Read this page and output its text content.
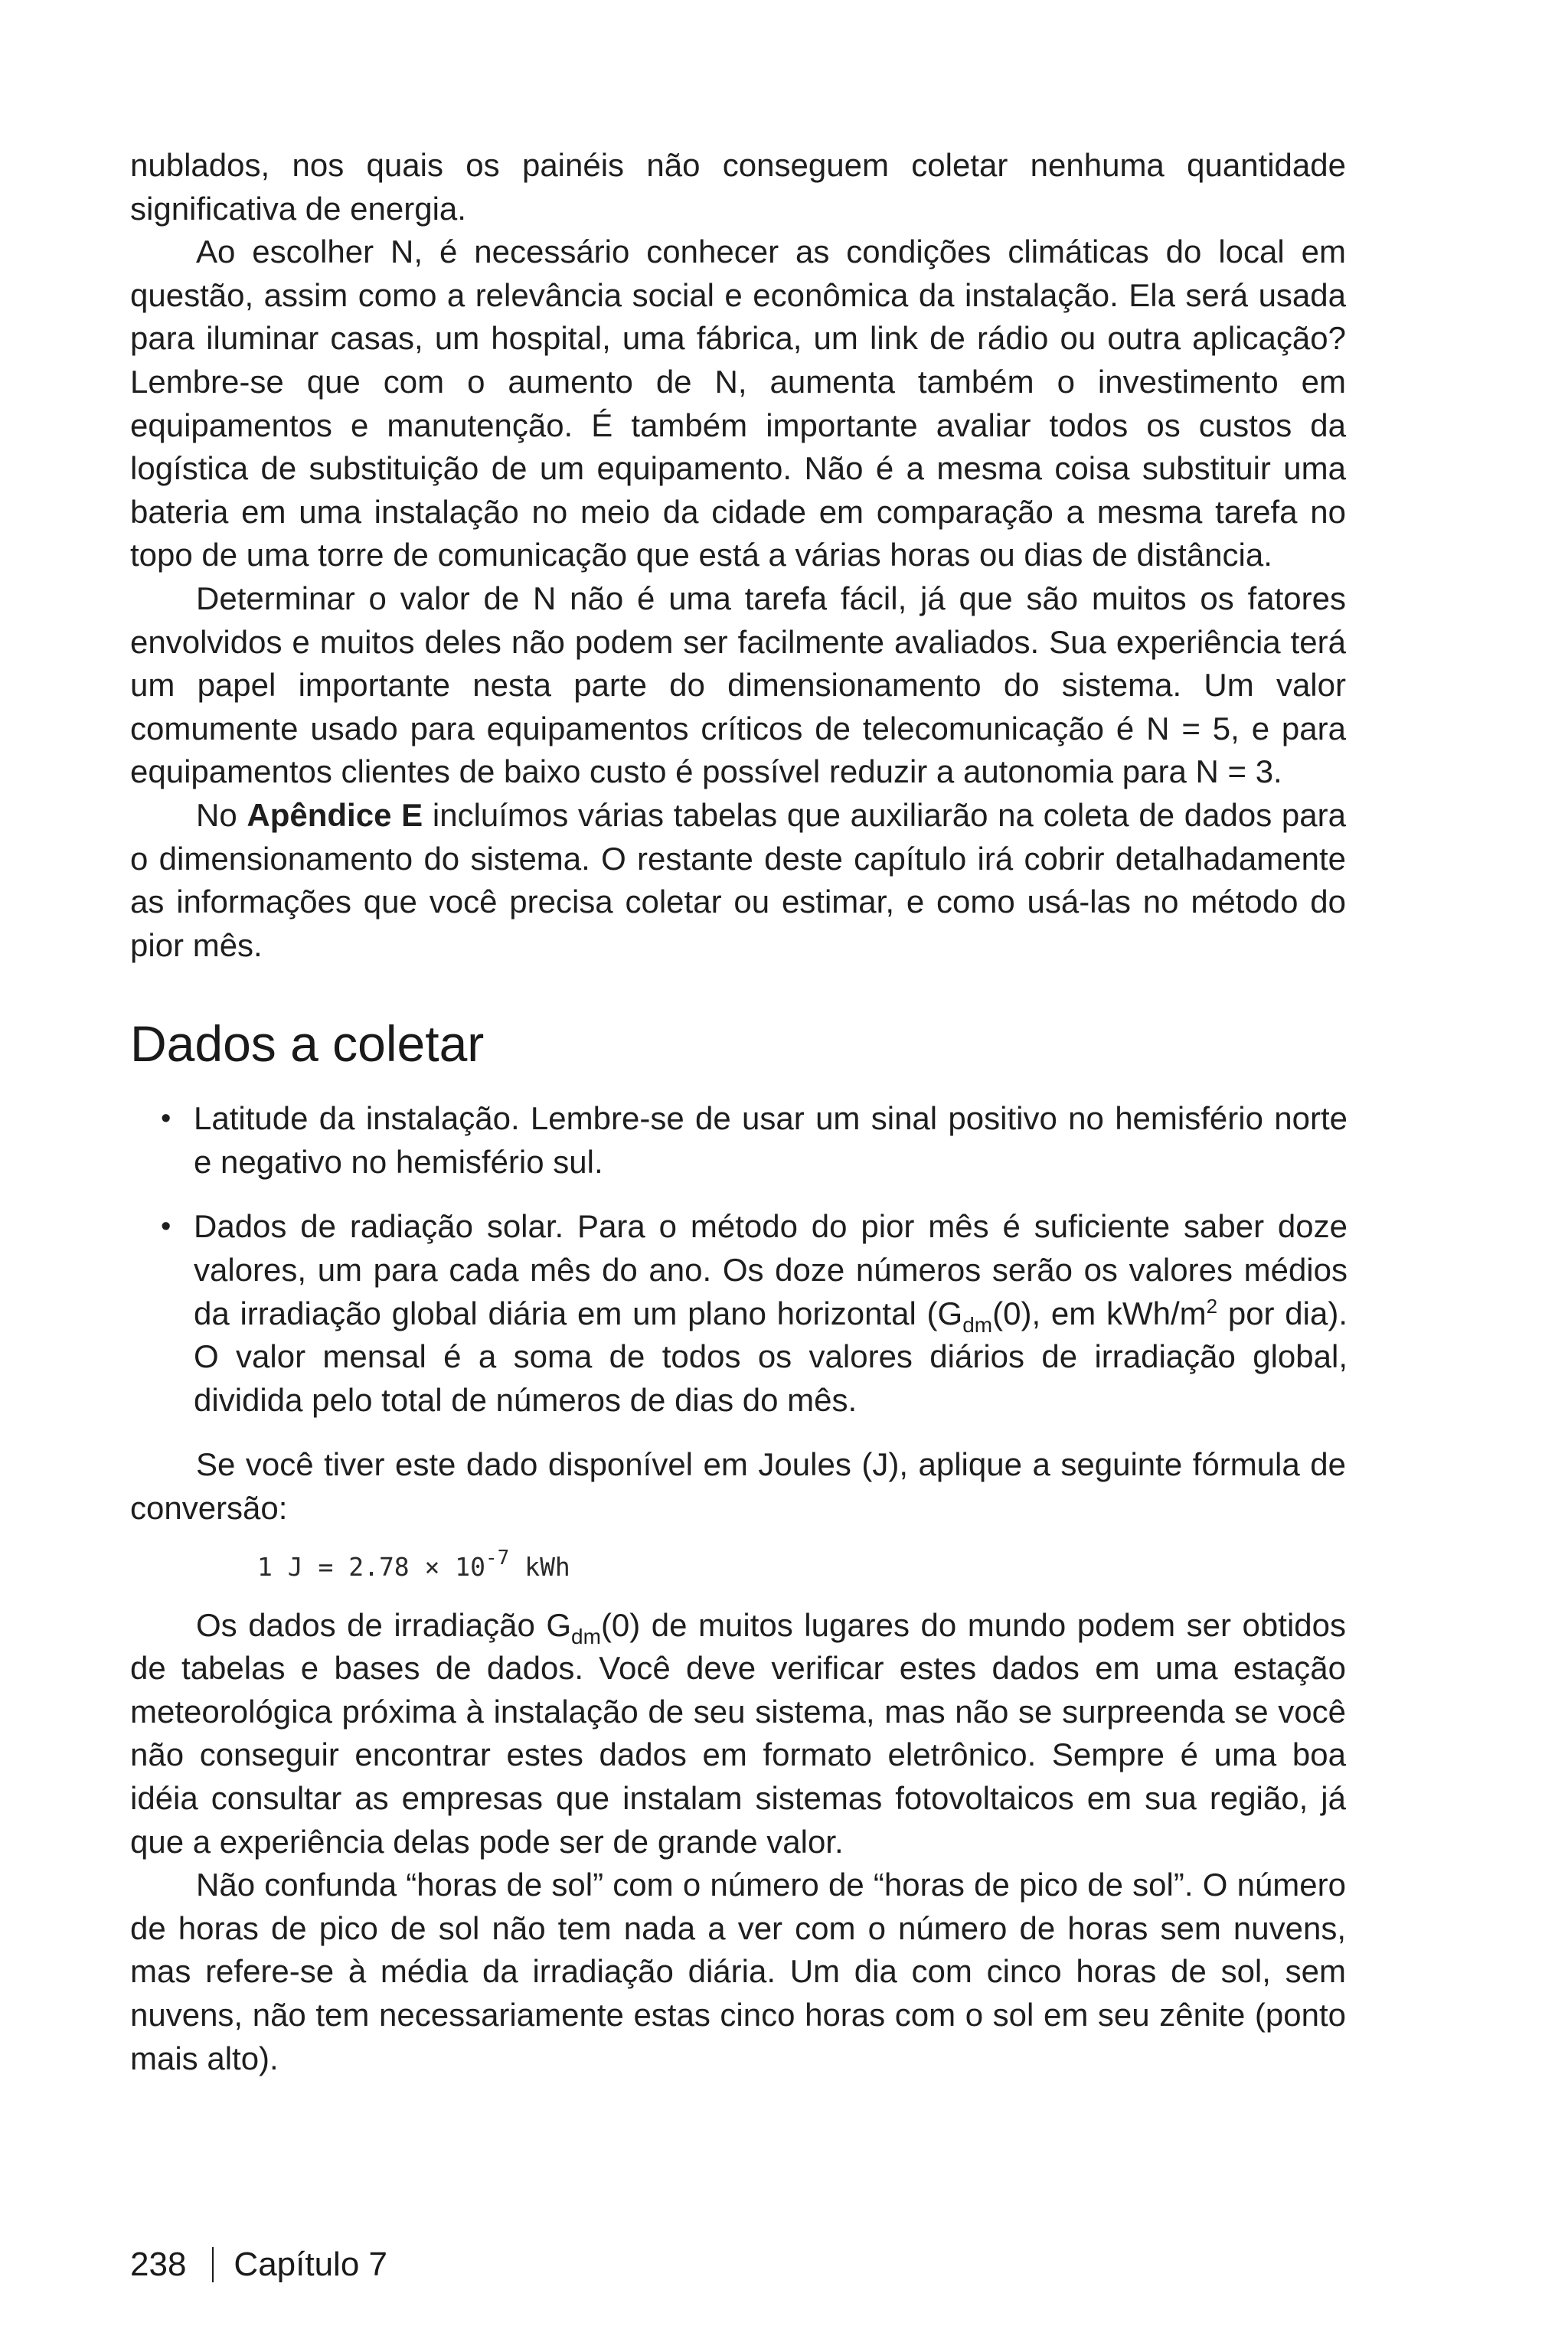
nublados, nos quais os painéis não conseguem coletar nenhuma quantidade significativa de energia.

Ao escolher N, é necessário conhecer as condições climáticas do local em questão, assim como a relevância social e econômica da instalação. Ela será usada para iluminar casas, um hospital, uma fábrica, um link de rádio ou outra aplicação? Lembre-se que com o aumento de N, aumenta também o investimento em equipamentos e manutenção. É também importante avaliar todos os custos da logística de substituição de um equipamento. Não é a mesma coisa substituir uma bateria em uma instalação no meio da cidade em comparação a mesma tarefa no topo de uma torre de comunicação que está a várias horas ou dias de distância.

Determinar o valor de N não é uma tarefa fácil, já que são muitos os fatores envolvidos e muitos deles não podem ser facilmente avaliados. Sua experiência terá um papel importante nesta parte do dimensionamento do sistema. Um valor comumente usado para equipamentos críticos de telecomunicação é N = 5, e para equipamentos clientes de baixo custo é possível reduzir a autonomia para N = 3.

No Apêndice E incluímos várias tabelas que auxiliarão na coleta de dados para o dimensionamento do sistema. O restante deste capítulo irá cobrir detalhadamente as informações que você precisa coletar ou estimar, e como usá-las no método do pior mês.

Dados a coletar
• Latitude da instalação. Lembre-se de usar um sinal positivo no hemisfério norte e negativo no hemisfério sul.
• Dados de radiação solar. Para o método do pior mês é suficiente saber doze valores, um para cada mês do ano. Os doze números serão os valores médios da irradiação global diária em um plano horizontal ($G_{dm}(0)$, em kWh/$m^2$ por dia). O valor mensal é a soma de todos os valores diários de irradiação global, dividida pelo total de números de dias do mês.

Se você tiver este dado disponível em Joules (J), aplique a seguinte fórmula de conversão:

1 $J = 2.78 \times 10^{-7}$ kWh

Os dados de irradiação $G_{dm}(0)$ de muitos lugares do mundo podem ser obtidos de tabelas e bases de dados. Você deve verificar estes dados em uma estação meteorológica próxima à instalação de seu sistema, mas não se surpreenda se você não conseguir encontrar estes dados em formato eletrônico. Sempre é uma boa idéia consultar as empresas que instalam sistemas fotovoltaicos em sua região, já que a experiência delas pode ser de grande valor.

Não confunda “horas de sol” com o número de “horas de pico de sol”. O número de horas de pico de sol não tem nada a ver com o número de horas sem nuvens, mas refere-se à média da irradiação diária. Um dia com cinco horas de sol, sem nuvens, não tem necessariamente estas cinco horas com o sol em seu zênite (ponto mais alto).

238 Capítulo 7
